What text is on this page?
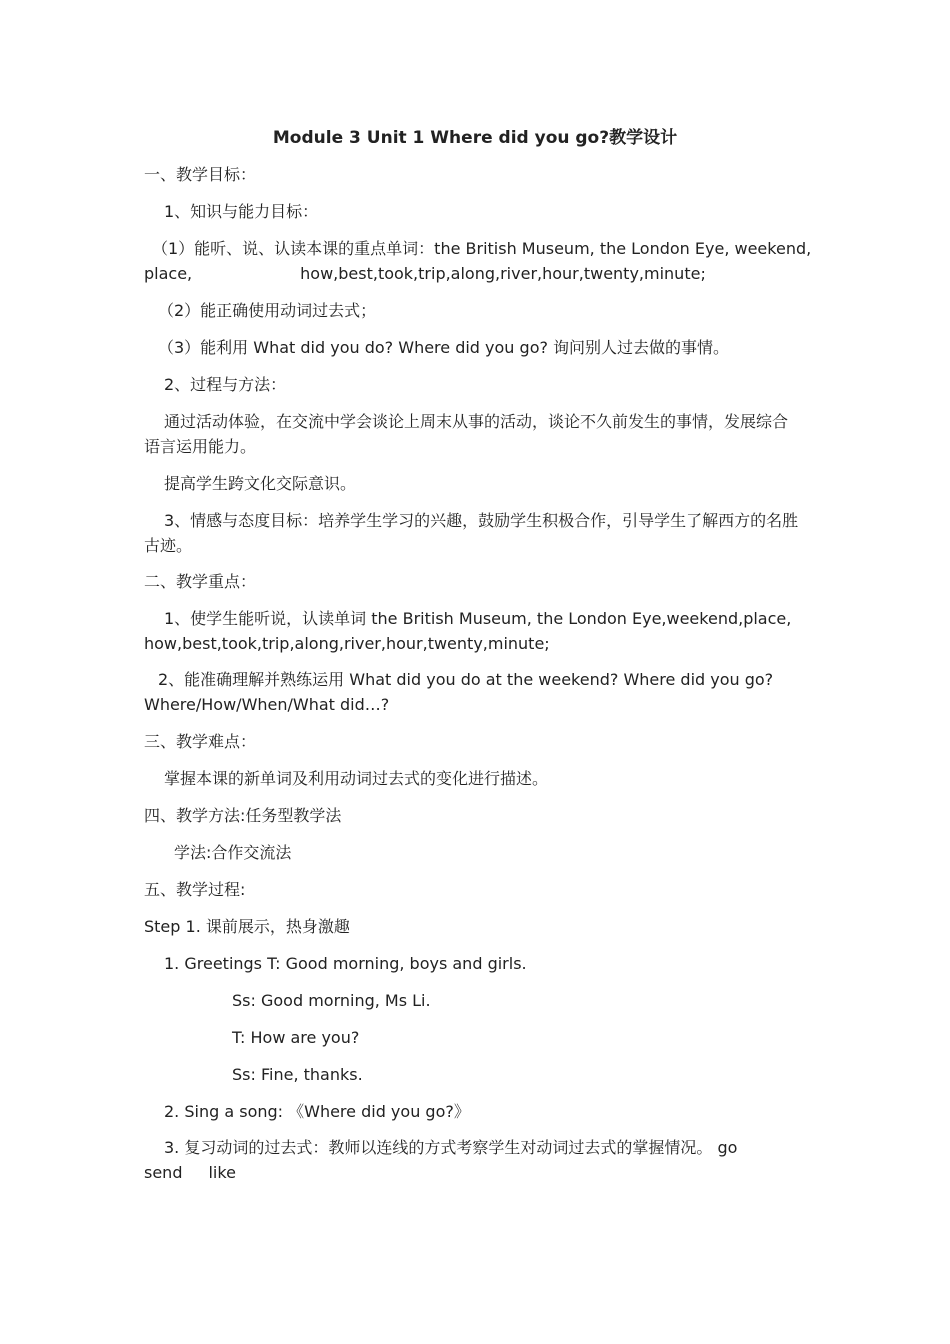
Module 3 Unit 1 Where did you go?教学设计
一、教学目标：
1、知识与能力目标：
（1）能听、说、认读本课的重点单词：the British Museum, the London Eye, weekend,
place,	how,best,took,trip,along,river,hour,twenty,minute;
（2）能正确使用动词过去式；
（3）能利用 What did you do? Where did you go? 询问别人过去做的事情。
2、过程与方法：
通过活动体验，在交流中学会谈论上周末从事的活动，谈论不久前发生的事情，发展综合
语言运用能力。
提高学生跨文化交际意识。
3、情感与态度目标：培养学生学习的兴趣，鼓励学生积极合作，引导学生了解西方的名胜
古迹。
二、教学重点：
1、使学生能听说，认读单词 the British Museum, the London Eye,weekend,place,
how,best,took,trip,along,river,hour,twenty,minute;
2、能准确理解并熟练运用 What did you do at the weekend? Where did you go?
Where/How/When/What did…?
三、教学难点：
掌握本课的新单词及利用动词过去式的变化进行描述。
四、教学方法:任务型教学法
学法:合作交流法
五、教学过程:
Step 1. 课前展示，热身激趣
1. Greetings T: Good morning, boys and girls.
Ss: Good morning, Ms Li.
T: How are you?
Ss: Fine, thanks.
2. Sing a song: 《Where did you go?》
3. 复习动词的过去式：教师以连线的方式考察学生对动词过去式的掌握情况。 go
send like
